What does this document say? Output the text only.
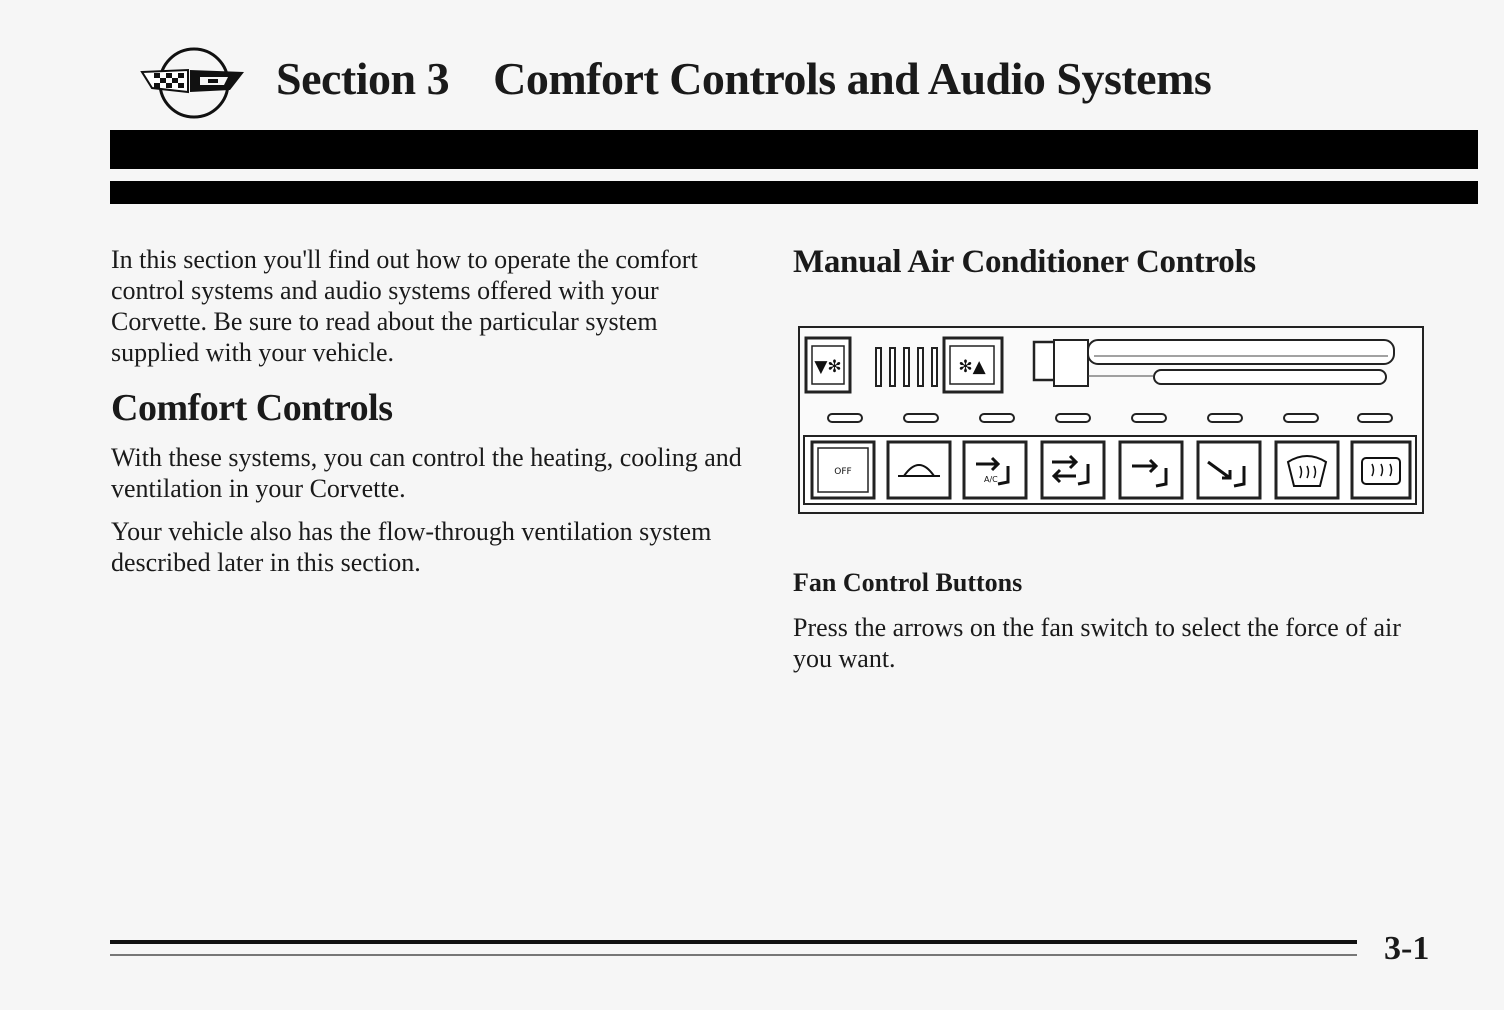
Section 3 Comfort Controls and Audio Systems

In this section you'll find out how to operate the comfort control systems and audio systems offered with your Corvette. Be sure to read about the particular system supplied with your vehicle.

Comfort Controls

With these systems, you can control the heating, cooling and ventilation in your Corvette.

Your vehicle also has the flow-through ventilation system described later in this section.

Manual Air Conditioner Controls
▼✻	✻▲
OFF
A/C
Fan Control Buttons

Press the arrows on the fan switch to select the force of air you want.

3-1
